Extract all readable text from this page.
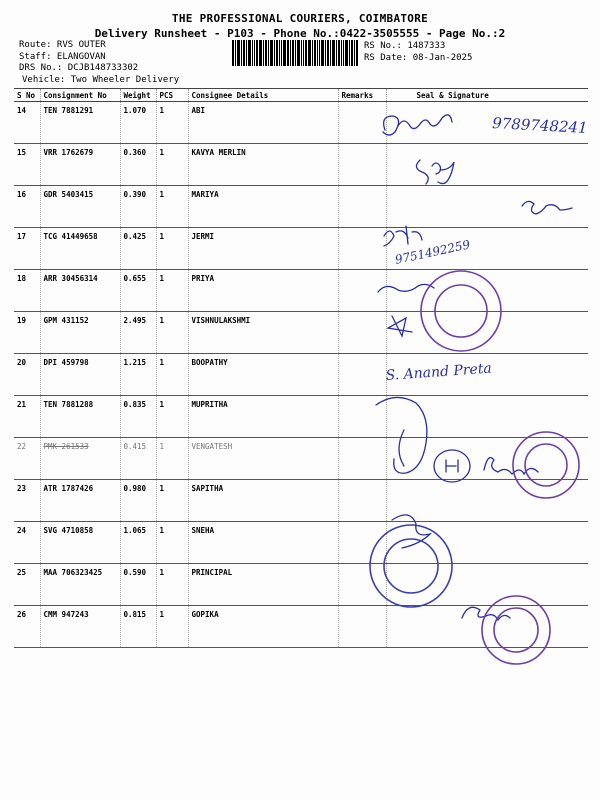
THE PROFESSIONAL COURIERS, COIMBATORE
Delivery Runsheet - P103 - Phone No.:0422-3505555 - Page No.:2
Route: RVS OUTER
Staff: ELANGOVAN
DRS No.: DCJB148733302
Vehicle: Two Wheeler Delivery
RS No.: 1487333
RS Date: 08-Jan-2025
S No	Consignment No	Weight	PCS	Consignee Details	Remarks	Seal & Signature
14	TEN 7881291	1.070	1	ABI		
15	VRR 1762679	0.360	1	KAVYA MERLIN		
16	GDR 5403415	0.390	1	MARIYA		
17	TCG 41449658	0.425	1	JERMI		
18	ARR 30456314	0.655	1	PRIYA		
19	GPM 431152	2.495	1	VISHNULAKSHMI		
20	DPI 459798	1.215	1	BOOPATHY		
21	TEN 7881288	0.835	1	MUPRITHA		
22	PMK 261533	0.415	1	VENGATESH		
23	ATR 1787426	0.980	1	SAPITHA		
24	SVG 4710858	1.065	1	SNEHA		
25	MAA 706323425	0.590	1	PRINCIPAL		
26	CMM 947243	0.815	1	GOPIKA		
9789748241
9751492259
S. Anand Preta
